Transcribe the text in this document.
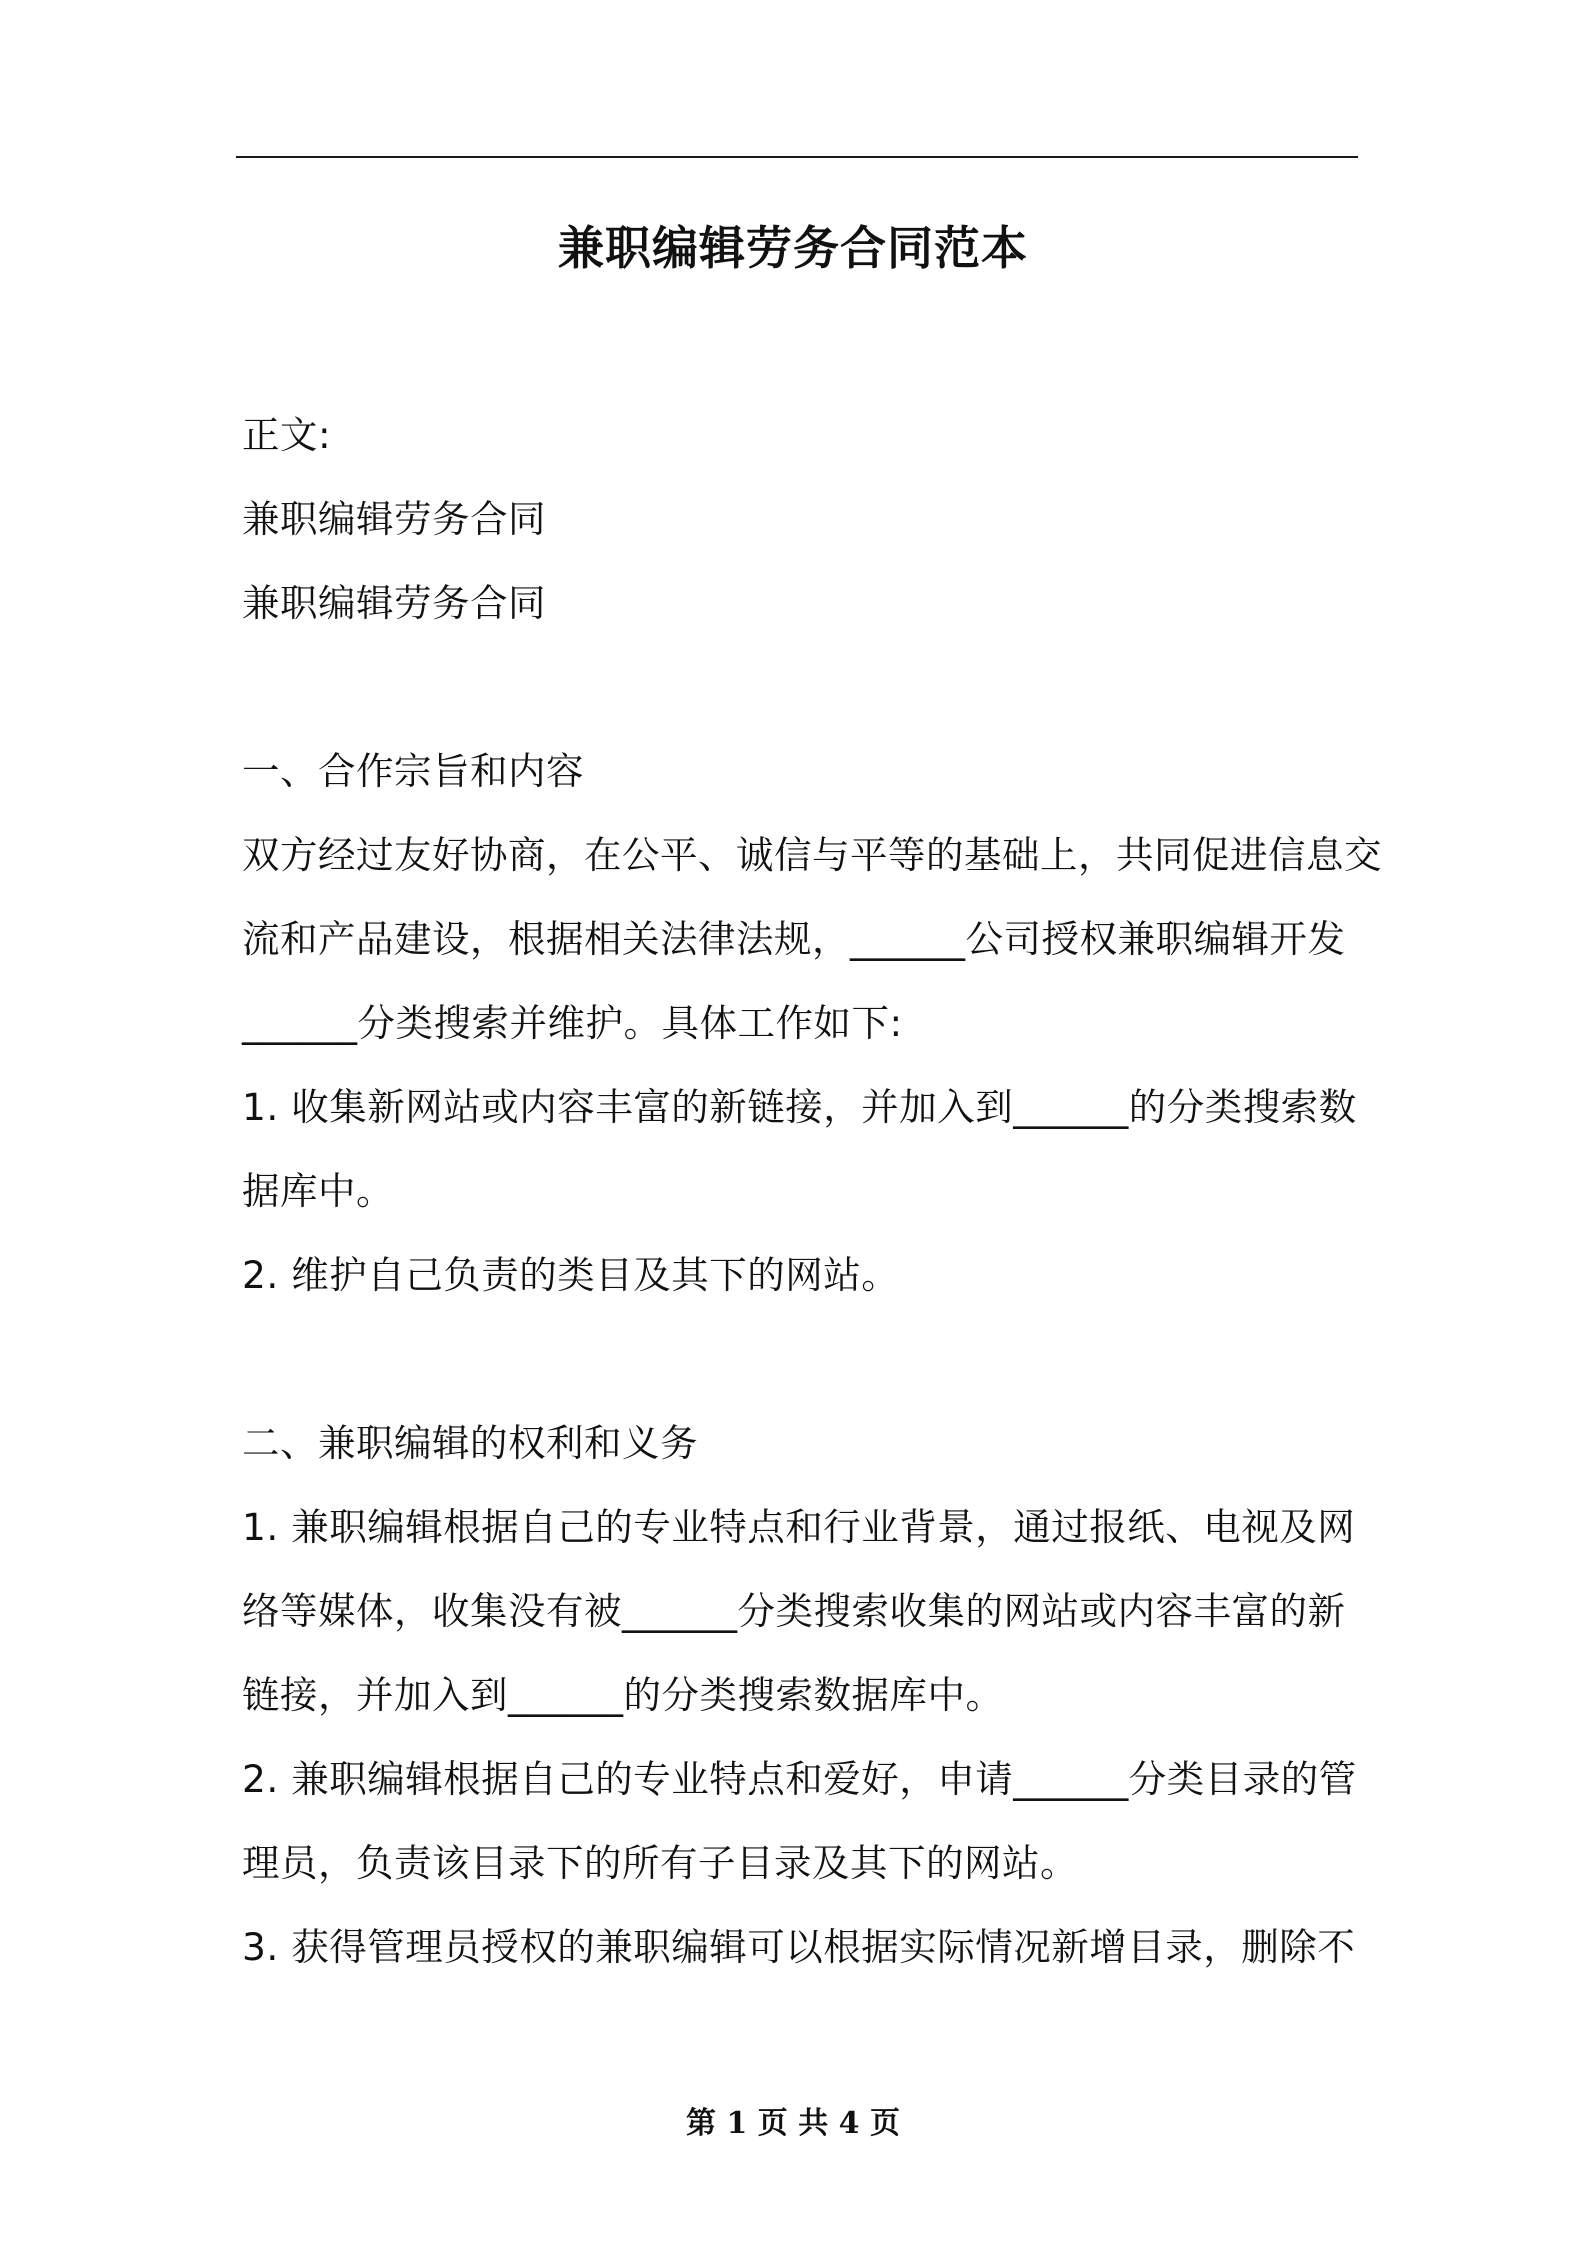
兼职编辑劳务合同范本
正文:
兼职编辑劳务合同
兼职编辑劳务合同
一、合作宗旨和内容
双方经过友好协商，在公平、诚信与平等的基础上，共同促进信息交
流和产品建设，根据相关法律法规，______公司授权兼职编辑开发
______分类搜索并维护。具体工作如下:
1. 收集新网站或内容丰富的新链接，并加入到______的分类搜索数
据库中。
2. 维护自己负责的类目及其下的网站。
二、兼职编辑的权利和义务
1. 兼职编辑根据自己的专业特点和行业背景，通过报纸、电视及网
络等媒体，收集没有被______分类搜索收集的网站或内容丰富的新
链接，并加入到______的分类搜索数据库中。
2. 兼职编辑根据自己的专业特点和爱好，申请______分类目录的管
理员，负责该目录下的所有子目录及其下的网站。
3. 获得管理员授权的兼职编辑可以根据实际情况新增目录，删除不
第 1 页 共 4 页
